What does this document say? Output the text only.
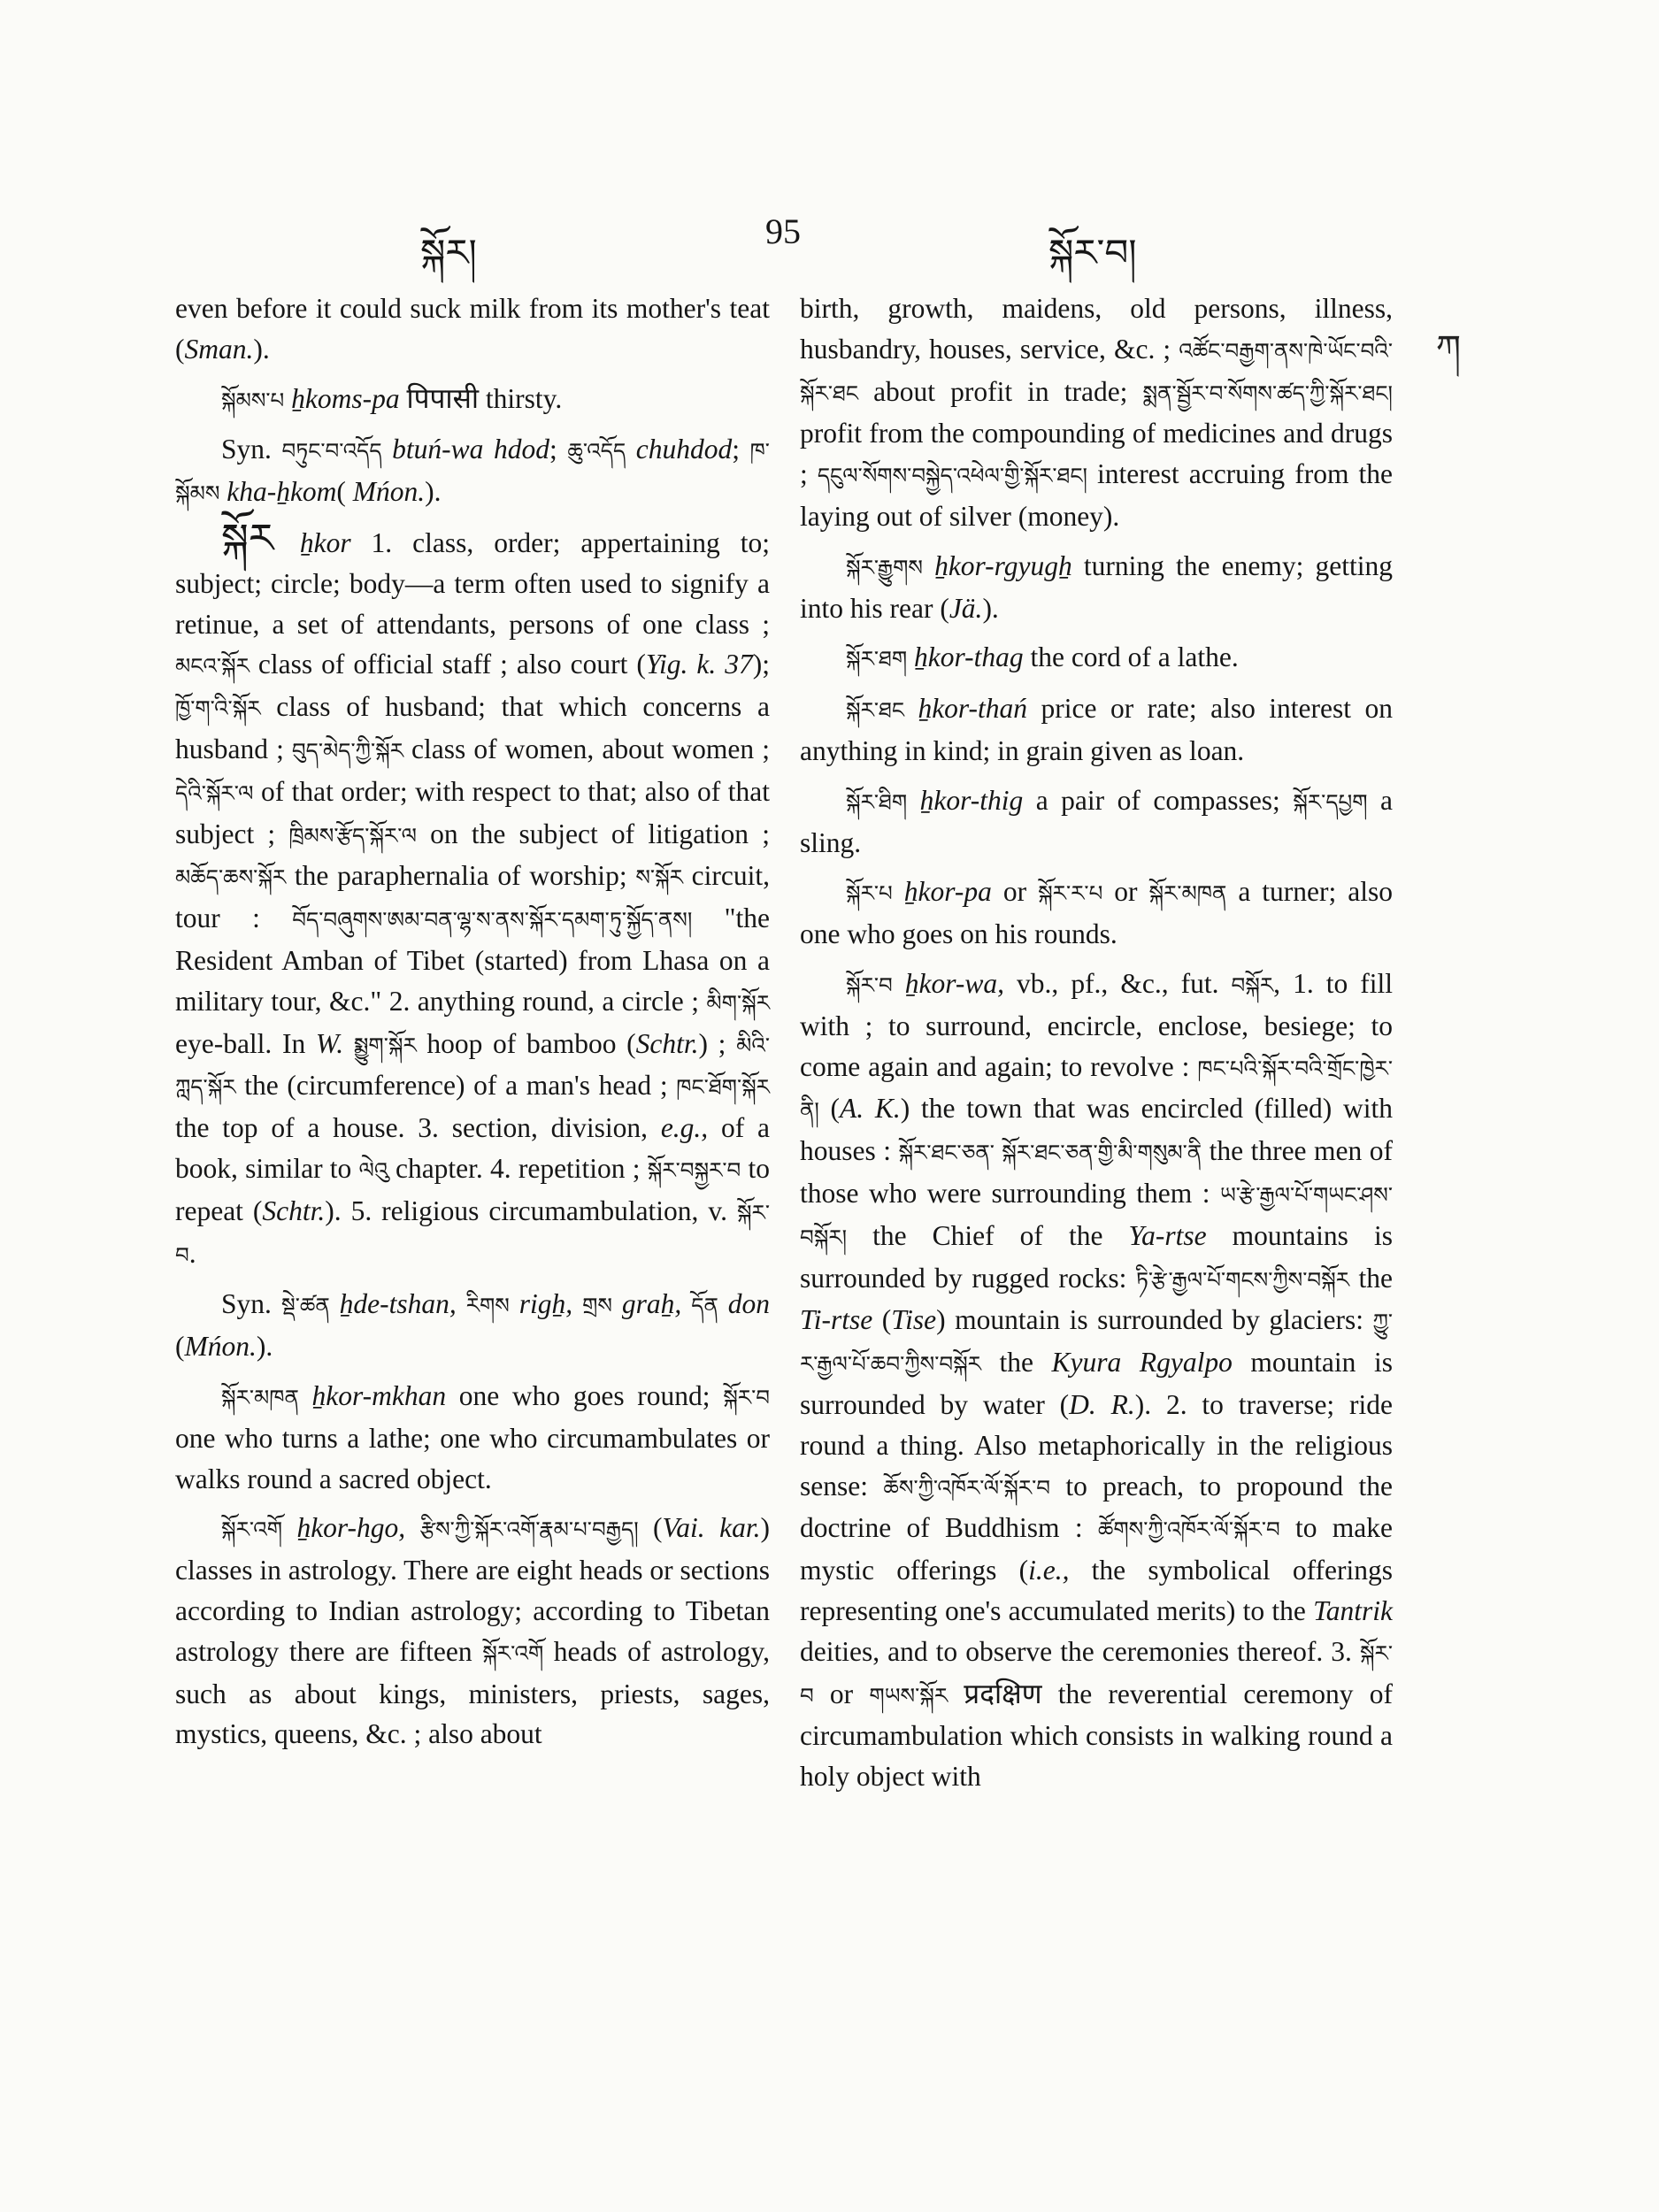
སྐོར།
95
སྐོར་བ།
ཀ

even before it could suck milk from its mother's teat (Sman.).

སྐོམས་པ ẖkoms-pa पिपासी thirsty.

Syn. བཏུང་བ་འདོད btuń-wa hdod; ཆུ་འདོད chuhdod; ཁ་སྐོམས kha-ẖkom( Mńon.).

སྐོར ẖkor 1. class, order; appertaining to; subject; circle; body—a term often used to signify a retinue, a set of attendants, persons of one class ; མངའ་སྐོར class of official staff ; also court (Yig. k. 37); ཁྱོ་ག་འི་སྐོར class of husband; that which concerns a husband ; བུད་མེད་ཀྱི་སྐོར class of women, about women ; དེའི་སྐོར་ལ of that order; with respect to that; also of that subject ; ཁྲིམས་རྩོད་སྐོར་ལ on the subject of litigation ; མཆོད་ཆས་སྐོར the paraphernalia of worship; ས་སྐོར circuit, tour : བོད་བཞུགས་ཨམ་བན་ལྷ་ས་ནས་སྐོར་དམག་ཏུ་སྐྱོད་ནས། "the Resident Amban of Tibet (started) from Lhasa on a military tour, &c." 2. anything round, a circle ; མིག་སྐོར eye-ball. In W. སྨྱུག་སྐོར hoop of bamboo (Schtr.) ; མིའི་ཀླད་སྐོར the (circumference) of a man's head ; ཁང་ཐོག་སྐོར the top of a house. 3. section, division, e.g., of a book, similar to ལེའུ chapter. 4. repetition ; སྐོར་བསྐྱར་བ to repeat (Schtr.). 5. religious circumambulation, v. སྐོར་བ.

Syn. སྡེ་ཚན ẖde-tshan, རིགས rigẖ, གྲས graẖ, དོན don (Mńon.).

སྐོར་མཁན ẖkor-mkhan one who goes round; སྐོར་བ one who turns a lathe; one who circumambulates or walks round a sacred object.

སྐོར་འགོ ẖkor-hgo, རྩིས་ཀྱི་སྐོར་འགོ་རྣམ་པ་བརྒྱད། (Vai. kar.) classes in astrology. There are eight heads or sections according to Indian astrology; according to Tibetan astrology there are fifteen སྐོར་འགོ heads of astrology, such as about kings, ministers, priests, sages, mystics, queens, &c. ; also about

birth, growth, maidens, old persons, illness, husbandry, houses, service, &c. ; འཚོང་བརྒྱག་ནས་ཁེ་ཡོང་བའི་སྐོར་ཐང about profit in trade; སྨན་སྦྱོར་བ་སོགས་ཚད་ཀྱི་སྐོར་ཐང། profit from the compounding of medicines and drugs ; དངུལ་སོགས་བསྐྱེད་འཕེལ་གྱི་སྐོར་ཐང། interest accruing from the laying out of silver (money).

སྐོར་རྒྱུགས ẖkor-rgyugẖ turning the enemy; getting into his rear (Jä.).

སྐོར་ཐག ẖkor-thag the cord of a lathe.

སྐོར་ཐང ẖkor-thań price or rate; also interest on anything in kind; in grain given as loan.

སྐོར་ཐིག ẖkor-thig a pair of compasses; སྐོར་དཔྱག a sling.

སྐོར་པ ẖkor-pa or སྐོར་ར་པ or སྐོར་མཁན a turner; also one who goes on his rounds.

སྐོར་བ ẖkor-wa, vb., pf., &c., fut. བསྐོར, 1. to fill with ; to surround, encircle, enclose, besiege; to come again and again; to revolve : ཁང་པའི་སྐོར་བའི་གྲོང་ཁྱེར་ནི། (A. K.) the town that was encircled (filled) with houses : སྐོར་ཐང་ཅན་ སྐོར་ཐང་ཅན་གྱི་མི་གསུམ་ནི the three men of those who were surrounding them : ཡ་རྩེ་རྒྱལ་པོ་གཡང་ཤས་བསྐོར། the Chief of the Ya-rtse mountains is surrounded by rugged rocks: ཏི་རྩེ་རྒྱལ་པོ་གངས་ཀྱིས་བསྐོར the Ti-rtse (Tise) mountain is surrounded by glaciers: ཀྱུ་ར་རྒྱལ་པོ་ཆབ་ཀྱིས་བསྐོར the Kyura Rgyalpo mountain is surrounded by water (D. R.). 2. to traverse; ride round a thing. Also metaphorically in the religious sense: ཆོས་ཀྱི་འཁོར་ལོ་སྐོར་བ to preach, to propound the doctrine of Buddhism : ཚོགས་ཀྱི་འཁོར་ལོ་སྐོར་བ to make mystic offerings (i.e., the symbolical offerings representing one's accumulated merits) to the Tantrik deities, and to observe the ceremonies thereof. 3. སྐོར་བ or གཡས་སྐོར प्रदक्षिण the reverential ceremony of circumambulation which consists in walking round a holy object with
